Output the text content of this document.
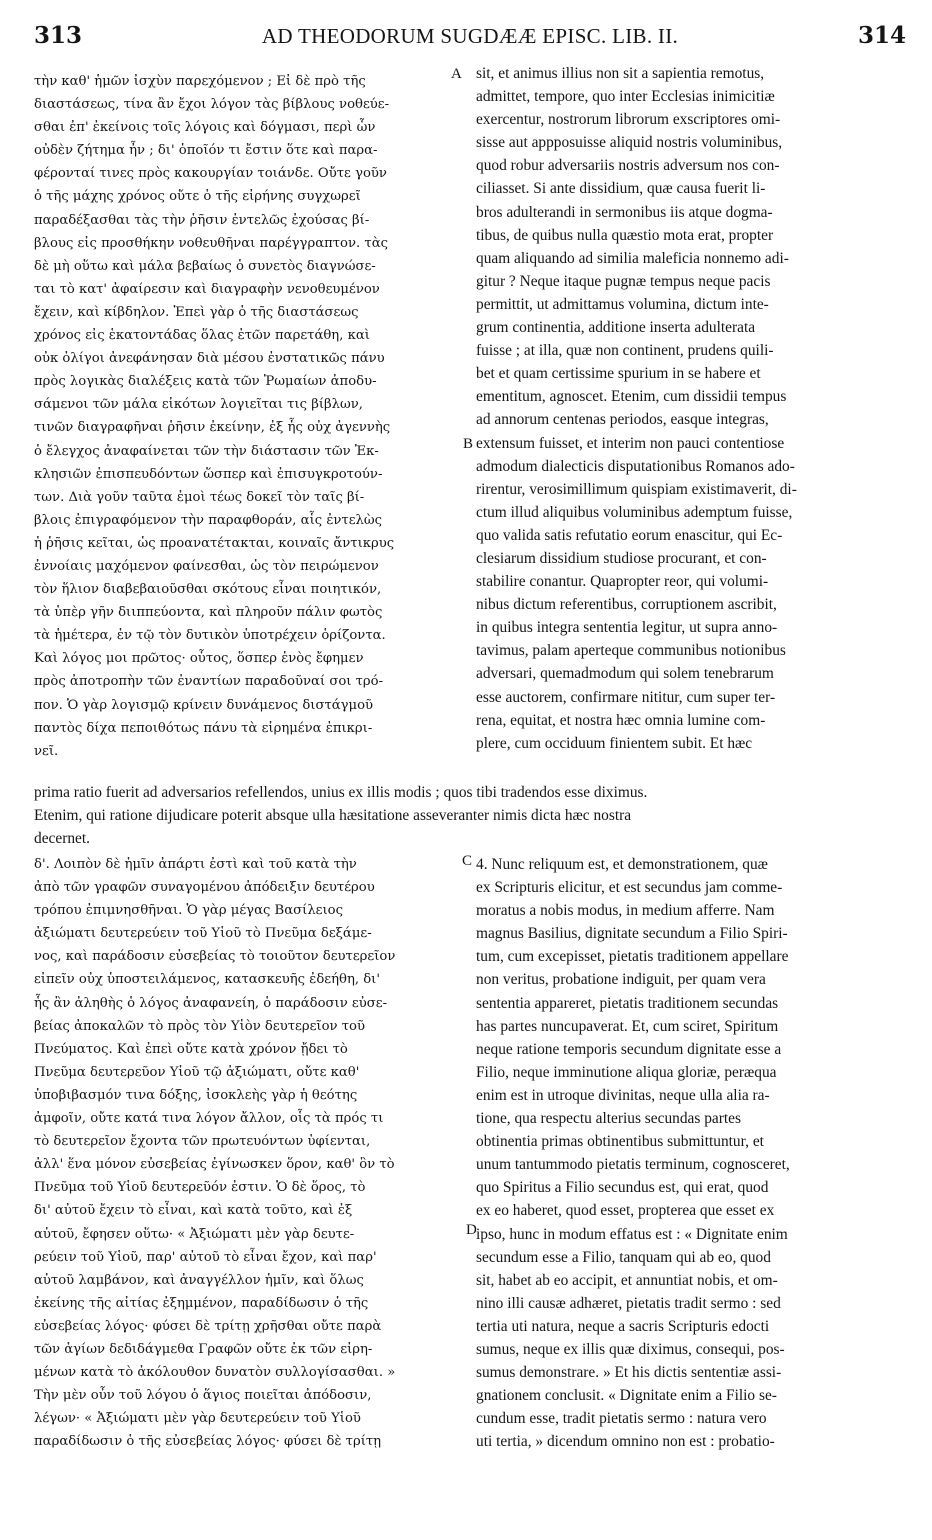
313	AD THEODORUM SUGDÆÆ EPISC. LIB. II.	314
τὴν καθ' ἡμῶν ἰσχὺν παρεχόμενον ; Εἰ δὲ πρὸ τῆς
διαστάσεως, τίνα ἂν ἔχοι λόγον τὰς βίβλους νοθεύε-
σθαι ἐπ' ἐκείνοις τοῖς λόγοις καὶ δόγμασι, περὶ ὧν
οὐδὲν ζήτημα ἦν ; δι' ὁποῖόν τι ἔστιν ὅτε καὶ παρα-
φέρονταί τινες πρὸς κακουργίαν τοιάνδε. Οὔτε γοῦν
ὁ τῆς μάχης χρόνος οὔτε ὁ τῆς εἰρήνης συγχωρεῖ
παραδέξασθαι τὰς τὴν ῥῆσιν ἐντελῶς ἐχούσας βί-
βλους εἰς προσθήκην νοθευθῆναι παρέγγραπτον. τὰς
δὲ μὴ οὕτω καὶ μάλα βεβαίως ὁ συνετὸς διαγνώσε-
ται τὸ κατ' ἀφαίρεσιν καὶ διαγραφὴν νενοθευμένον
ἔχειν, καὶ κίβδηλον. Ἐπεὶ γὰρ ὁ τῆς διαστάσεως
χρόνος εἰς ἑκατοντάδας ὅλας ἐτῶν παρετάθη, καὶ
οὐκ ὀλίγοι ἀνεφάνησαν διὰ μέσου ἐνστατικῶς πάνυ
πρὸς λογικὰς διαλέξεις κατὰ τῶν Ῥωμαίων ἀποδυ-
σάμενοι τῶν μάλα εἰκότων λογιεῖται τις βίβλων,
τινῶν διαγραφῆναι ῥῆσιν ἐκείνην, ἐξ ἧς οὐχ ἀγεννὴς
ὁ ἔλεγχος ἀναφαίνεται τῶν τὴν διάστασιν τῶν Ἐκ-
κλησιῶν ἐπισπευδόντων ὥσπερ καὶ ἐπισυγκροτούν-
των. Διὰ γοῦν ταῦτα ἐμοὶ τέως δοκεῖ τὸν ταῖς βί-
βλοις ἐπιγραφόμενον τὴν παραφθοράν, αἷς ἐντελὼς
ἡ ῥῆσις κεῖται, ὡς προανατέτακται, κοιναῖς ἄντικρυς
ἐννοίαις μαχόμενον φαίνεσθαι, ὡς τὸν πειρώμενον
τὸν ἥλιον διαβεβαιοῦσθαι σκότους εἶναι ποιητικόν,
τὰ ὑπὲρ γῆν διιππεύοντα, καὶ πληροῦν πάλιν φωτὸς
τὰ ἡμέτερα, ἐν τῷ τὸν δυτικὸν ὑποτρέχειν ὁρίζοντα.
Καὶ λόγος μοι πρῶτος· οὗτος, ὅσπερ ἑνὸς ἔφημεν
πρὸς ἀποτροπὴν τῶν ἐναντίων παραδοῦναί σοι τρό-
πον. Ὁ γὰρ λογισμῷ κρίνειν δυνάμενος διστάγμοῦ
παντὸς δίχα πεποιθότως πάνυ τὰ εἰρημένα ἐπικρι-
νεῖ.
sit, et animus illius non sit a sapientia remotus,
admittet, tempore, quo inter Ecclesias inimicitiæ
exercentur, nostrorum librorum exscriptores omi-
sisse aut appposuisse aliquid nostris voluminibus,
quod robur adversariis nostris adversum nos con-
ciliasset. Si ante dissidium, quæ causa fuerit li-
bros adulterandi in sermonibus iis atque dogma-
tibus, de quibus nulla quæstio mota erat, propter
quam aliquando ad similia maleficia nonnemo adi-
gitur ? Neque itaque pugnæ tempus neque pacis
permittit, ut admittamus volumina, dictum inte-
grum continentia, additione inserta adulterata
fuisse ; at illa, quæ non continent, prudens quili-
bet et quam certissime spurium in se habere et
ementitum, agnoscet. Etenim, cum dissidii tempus
ad annorum centenas periodos, easque integras,
extensum fuisset, et interim non pauci contentiose
admodum dialecticis disputationibus Romanos ado-
rirentur, verosimillimum quispiam existimaverit, di-
ctum illud aliquibus voluminibus ademptum fuisse,
quo valida satis refutatio eorum enascitur, qui Ec-
clesiarum dissidium studiose procurant, et con-
stabilire conantur. Quapropter reor, qui volumi-
nibus dictum referentibus, corruptionem ascribit,
in quibus integra sententia legitur, ut supra anno-
tavimus, palam aperteque communibus notionibus
adversari, quemadmodum qui solem tenebrarum
esse auctorem, confirmare nititur, cum super ter-
rena, equitat, et nostra hæc omnia lumine com-
plere, cum occiduum finientem subit. Et hæc
A
B
C
D
prima ratio fuerit ad adversarios refellendos, unius ex illis modis ; quos tibi tradendos esse diximus.
Etenim, qui ratione dijudicare poterit absque ulla hæsitatione asseveranter nimis dicta hæc nostra
decernet.
δ'. Λοιπὸν δὲ ἡμῖν ἀπάρτι ἐστὶ καὶ τοῦ κατὰ τὴν
ἀπὸ τῶν γραφῶν συναγομένου ἀπόδειξιν δευτέρου
τρόπου ἐπιμνησθῆναι. Ὁ γὰρ μέγας Βασίλειος
ἀξιώματι δευτερεύειν τοῦ Υἱοῦ τὸ Πνεῦμα δεξάμε-
νος, καὶ παράδοσιν εὐσεβείας τὸ τοιοῦτον δευτερεῖον
εἰπεῖν οὐχ ὑποστειλάμενος, κατασκευῆς ἐδεήθη, δι'
ἧς ἂν ἀληθὴς ὁ λόγος ἀναφανείη, ὁ παράδοσιν εὐσε-
βείας ἀποκαλῶν τὸ πρὸς τὸν Υἱὸν δευτερεῖον τοῦ
Πνεύματος. Καὶ ἐπεὶ οὔτε κατὰ χρόνον ᾔδει τὸ
Πνεῦμα δευτερεῦον Υἱοῦ τῷ ἀξιώματι, οὔτε καθ'
ὑποβιβασμόν τινα δόξης, ἰσοκλεὴς γὰρ ἡ θεότης
ἀμφοῖν, οὔτε κατά τινα λόγον ἄλλον, οἷς τὰ πρός τι
τὸ δευτερεῖον ἔχοντα τῶν πρωτευόντων ὑφίενται,
ἀλλ' ἕνα μόνον εὐσεβείας ἐγίνωσκεν ὅρον, καθ' ὃν τὸ
Πνεῦμα τοῦ Υἱοῦ δευτερεῦόν ἐστιν. Ὁ δὲ ὅρος, τὸ
δι' αὐτοῦ ἔχειν τὸ εἶναι, καὶ κατὰ τοῦτο, καὶ ἐξ
αὐτοῦ, ἔφησεν οὕτω· « Ἀξιώματι μὲν γὰρ δευτε-
ρεύειν τοῦ Υἱοῦ, παρ' αὐτοῦ τὸ εἶναι ἔχον, καὶ παρ'
αὐτοῦ λαμβάνον, καὶ ἀναγγέλλον ἡμῖν, καὶ ὅλως
ἐκείνης τῆς αἰτίας ἐξημμένον, παραδίδωσιν ὁ τῆς
εὐσεβείας λόγος· φύσει δὲ τρίτῃ χρῆσθαι οὔτε παρὰ
τῶν ἁγίων δεδιδάγμεθα Γραφῶν οὔτε ἐκ τῶν εἰρη-
μένων κατὰ τὸ ἀκόλουθον δυνατὸν συλλογίσασθαι. »
Τὴν μὲν οὖν τοῦ λόγου ὁ ἅγιος ποιεῖται ἀπόδοσιν,
λέγων· « Ἀξιώματι μὲν γὰρ δευτερεύειν τοῦ Υἱοῦ
παραδίδωσιν ὁ τῆς εὐσεβείας λόγος· φύσει δὲ τρίτῃ
4. Nunc reliquum est, et demonstrationem, quæ
ex Scripturis elicitur, et est secundus jam comme-
moratus a nobis modus, in medium afferre. Nam
magnus Basilius, dignitate secundum a Filio Spiri-
tum, cum excepisset, pietatis traditionem appellare
non veritus, probatione indiguit, per quam vera
sententia appareret, pietatis traditionem secundas
has partes nuncupaverat. Et, cum sciret, Spiritum
neque ratione temporis secundum dignitate esse a
Filio, neque imminutione aliqua gloriæ, peræqua
enim est in utroque divinitas, neque ulla alia ra-
tione, qua respectu alterius secundas partes
obtinentia primas obtinentibus submittuntur, et
unum tantummodo pietatis terminum, cognosceret,
quo Spiritus a Filio secundus est, qui erat, quod
ex eo haberet, quod esset, propterea que esset ex
ipso, hunc in modum effatus est : « Dignitate enim
secundum esse a Filio, tanquam qui ab eo, quod
sit, habet ab eo accipit, et annuntiat nobis, et om-
nino illi causæ adhæret, pietatis tradit sermo : sed
tertia uti natura, neque a sacris Scripturis edocti
sumus, neque ex illis quæ diximus, consequi, pos-
sumus demonstrare. » Et his dictis sententiæ assi-
gnationem conclusit. « Dignitate enim a Filio se-
cundum esse, tradit pietatis sermo : natura vero
uti tertia, » dicendum omnino non est : probatio-
